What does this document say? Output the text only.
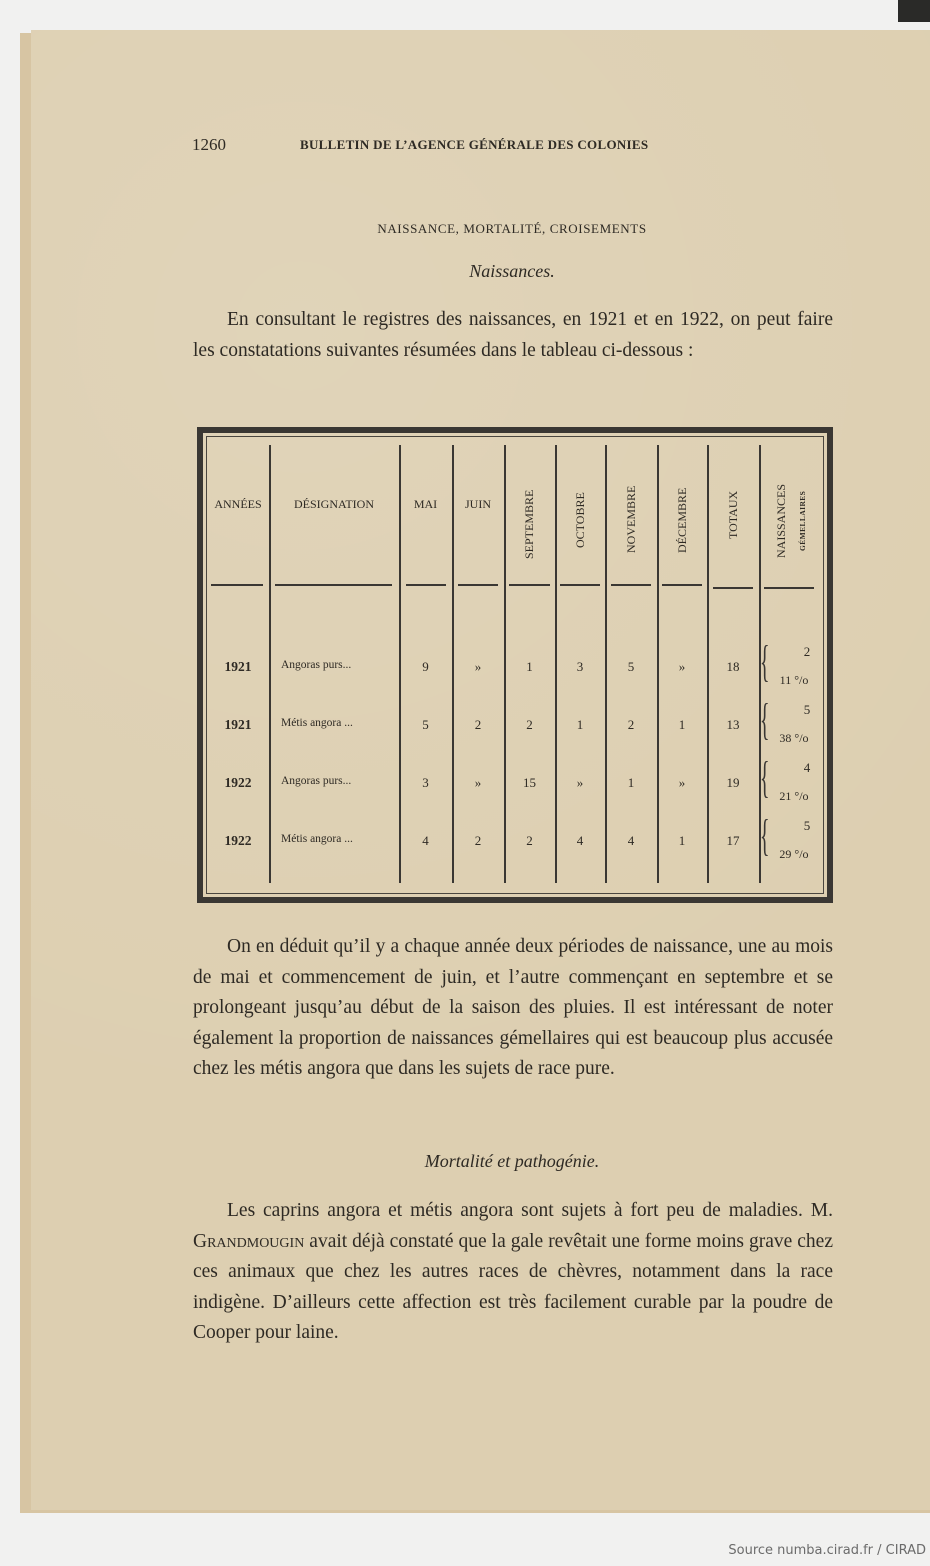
1260	BULLETIN DE L’AGENCE GÉNÉRALE DES COLONIES
NAISSANCE, MORTALITÉ, CROISEMENTS
Naissances.
En consultant le registres des naissances, en 1921 et en 1922, on peut faire les constatations suivantes résumées dans le tableau ci-dessous :
ANNÉES	DÉSIGNATION	MAI	JUIN	SEPTEMBRE	OCTOBRE	NOVEMBRE	DÉCEMBRE	TOTAUX	NAISSANCES GÉMELLAIRES
1921	Angoras purs...	9	»	1	3	5	»	18 {	2
11 °/o
1921	Métis angora ...	5	2	2	1	2	1	13 {	5
38 °/o
1922	Angoras purs...	3	»	15	»	1	»	19 {	4
21 °/o
1922	Métis angora ...	4	2	2	4	4	1	17 {	5
29 °/o
On en déduit qu’il y a chaque année deux périodes de naissance, une au mois de mai et commencement de juin, et l’autre commençant en septembre et se prolongeant jusqu’au début de la saison des pluies. Il est intéressant de noter également la proportion de naissances gémellaires qui est beaucoup plus accusée chez les métis angora que dans les sujets de race pure.
Mortalité et pathogénie.
Les caprins angora et métis angora sont sujets à fort peu de maladies. M. Grandmougin avait déjà constaté que la gale revêtait une forme moins grave chez ces animaux que chez les autres races de chèvres, notamment dans la race indigène. D’ailleurs cette affection est très facilement curable par la poudre de Cooper pour laine.
Source numba.cirad.fr / CIRAD
